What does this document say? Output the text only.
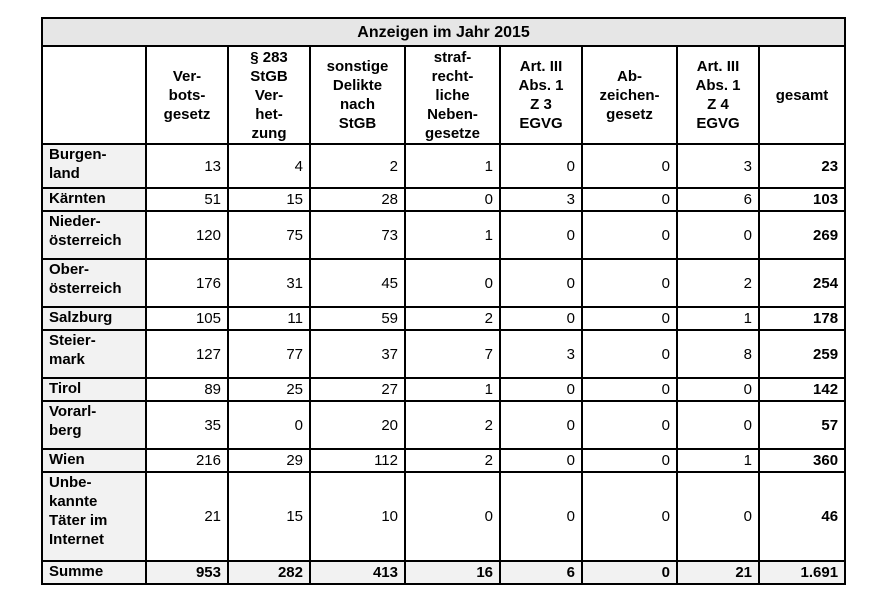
Anzeigen im Jahr 2015								
	Ver-
bots-
gesetz	§ 283
StGB
Ver-
het-
zung	sonstige
Delikte
nach
StGB	straf-
recht-
liche
Neben-
gesetze	Art. III
Abs. 1
Z 3
EGVG	Ab-
zeichen-
gesetz	Art. III
Abs. 1
Z 4
EGVG	gesamt
Burgen-
land	13	4	2	1	0	0	3	23
Kärnten	51	15	28	0	3	0	6	103
Nieder-
österreich	120	75	73	1	0	0	0	269
Ober-
österreich	176	31	45	0	0	0	2	254
Salzburg	105	11	59	2	0	0	1	178
Steier-
mark	127	77	37	7	3	0	8	259
Tirol	89	25	27	1	0	0	0	142
Vorarl-
berg	35	0	20	2	0	0	0	57
Wien	216	29	112	2	0	0	1	360
Unbe-
kannte
Täter im
Internet	21	15	10	0	0	0	0	46
Summe	953	282	413	16	6	0	21	1.691
